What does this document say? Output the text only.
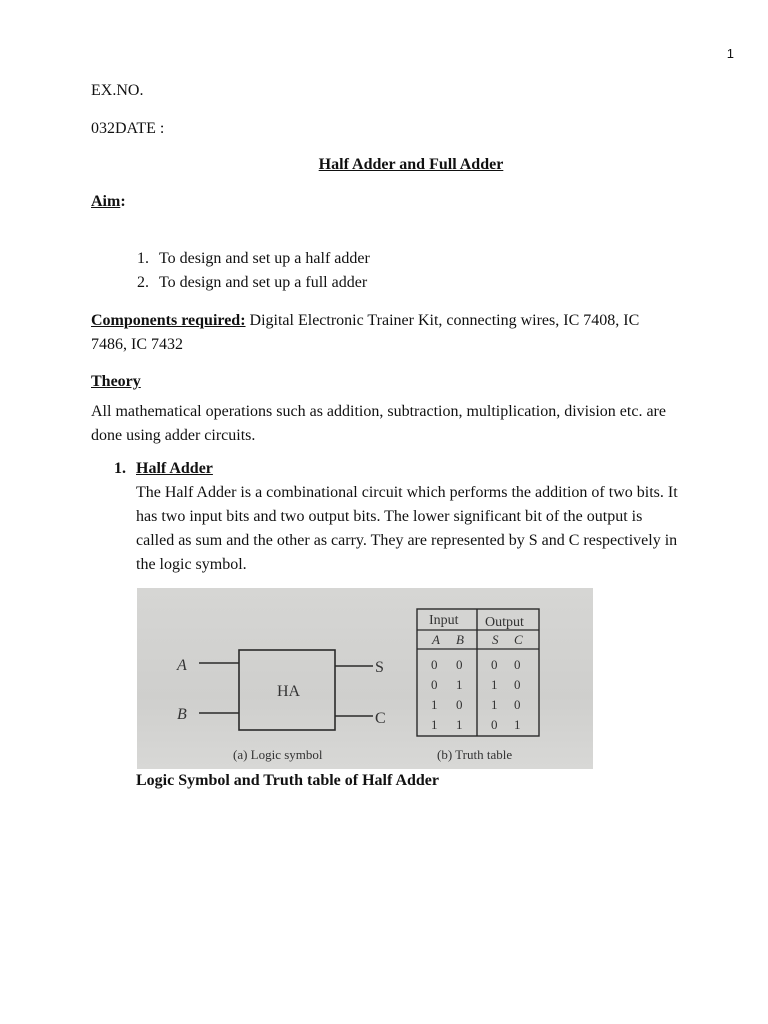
1
EX.NO.
032DATE :
Half Adder and Full Adder
Aim:
1. To design and set up a half adder
2. To design and set up a full adder
Components required: Digital Electronic Trainer Kit, connecting wires, IC 7408, IC
7486, IC 7432
Theory
All mathematical operations such as addition, subtraction, multiplication, division etc. are
done using adder circuits.
1. Half Adder
The Half Adder is a combinational circuit which performs the addition of two bits. It
has two input bits and two output bits. The lower significant bit of the output is
called as sum and the other as carry. They are represented by S and C respectively in
the logic symbol.
A
B
HA
S
C
(a) Logic symbol
Input Output
A B S C
0 0 0 0
0 1 1 0
1 0 1 0
1 1 0 1
(b) Truth table
Logic Symbol and Truth table of Half Adder
